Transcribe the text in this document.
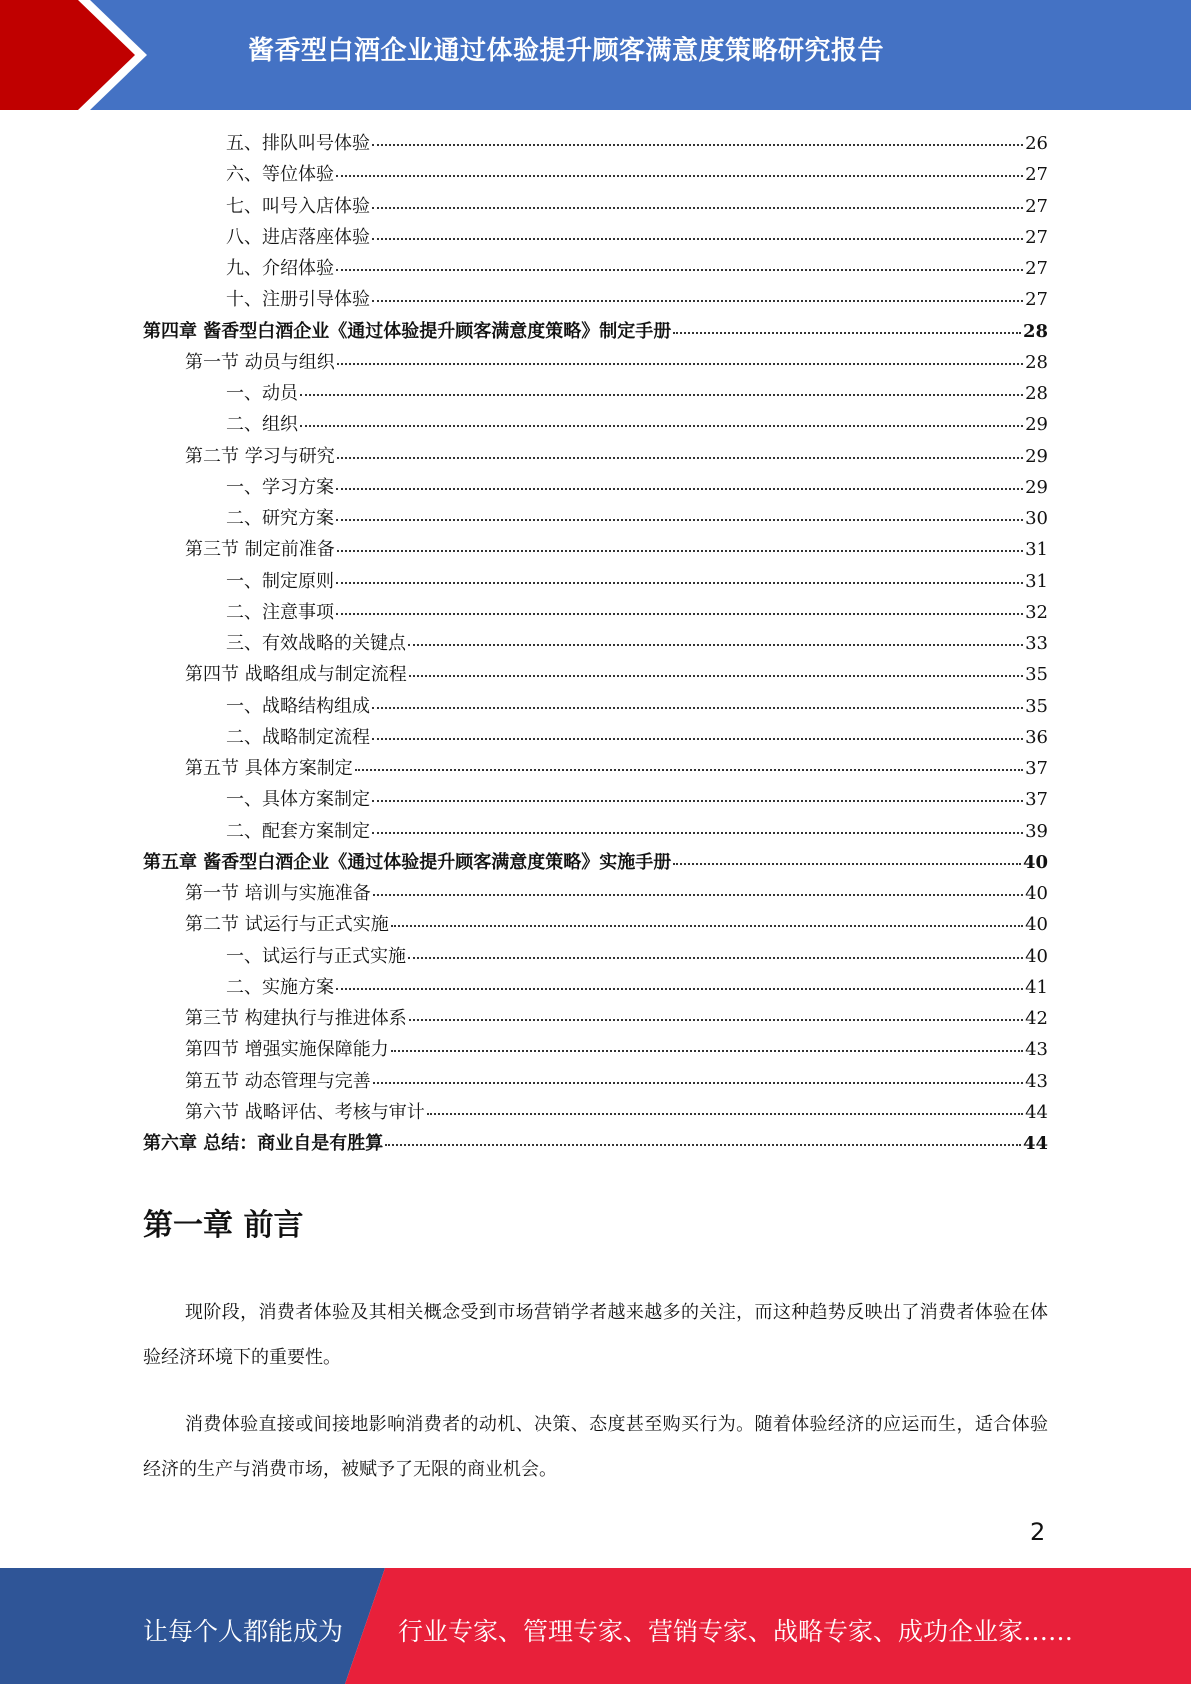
酱香型白酒企业通过体验提升顾客满意度策略研究报告
五、排队叫号体验	26
六、等位体验	27
七、叫号入店体验	27
八、进店落座体验	27
九、介绍体验	27
十、注册引导体验	27
第四章 酱香型白酒企业《通过体验提升顾客满意度策略》制定手册	28
第一节 动员与组织	28
一、动员	28
二、组织	29
第二节 学习与研究	29
一、学习方案	29
二、研究方案	30
第三节 制定前准备	31
一、制定原则	31
二、注意事项	32
三、有效战略的关键点	33
第四节 战略组成与制定流程	35
一、战略结构组成	35
二、战略制定流程	36
第五节 具体方案制定	37
一、具体方案制定	37
二、配套方案制定	39
第五章 酱香型白酒企业《通过体验提升顾客满意度策略》实施手册	40
第一节 培训与实施准备	40
第二节 试运行与正式实施	40
一、试运行与正式实施	40
二、实施方案	41
第三节 构建执行与推进体系	42
第四节 增强实施保障能力	43
第五节 动态管理与完善	43
第六节 战略评估、考核与审计	44
第六章 总结：商业自是有胜算	44
第一章 前言
现阶段，消费者体验及其相关概念受到市场营销学者越来越多的关注，而这种趋势反映出了消费者体验在体验经济环境下的重要性。
消费体验直接或间接地影响消费者的动机、决策、态度甚至购买行为。随着体验经济的应运而生，适合体验经济的生产与消费市场，被赋予了无限的商业机会。
2
让每个人都能成为 行业专家、管理专家、营销专家、战略专家、成功企业家……
